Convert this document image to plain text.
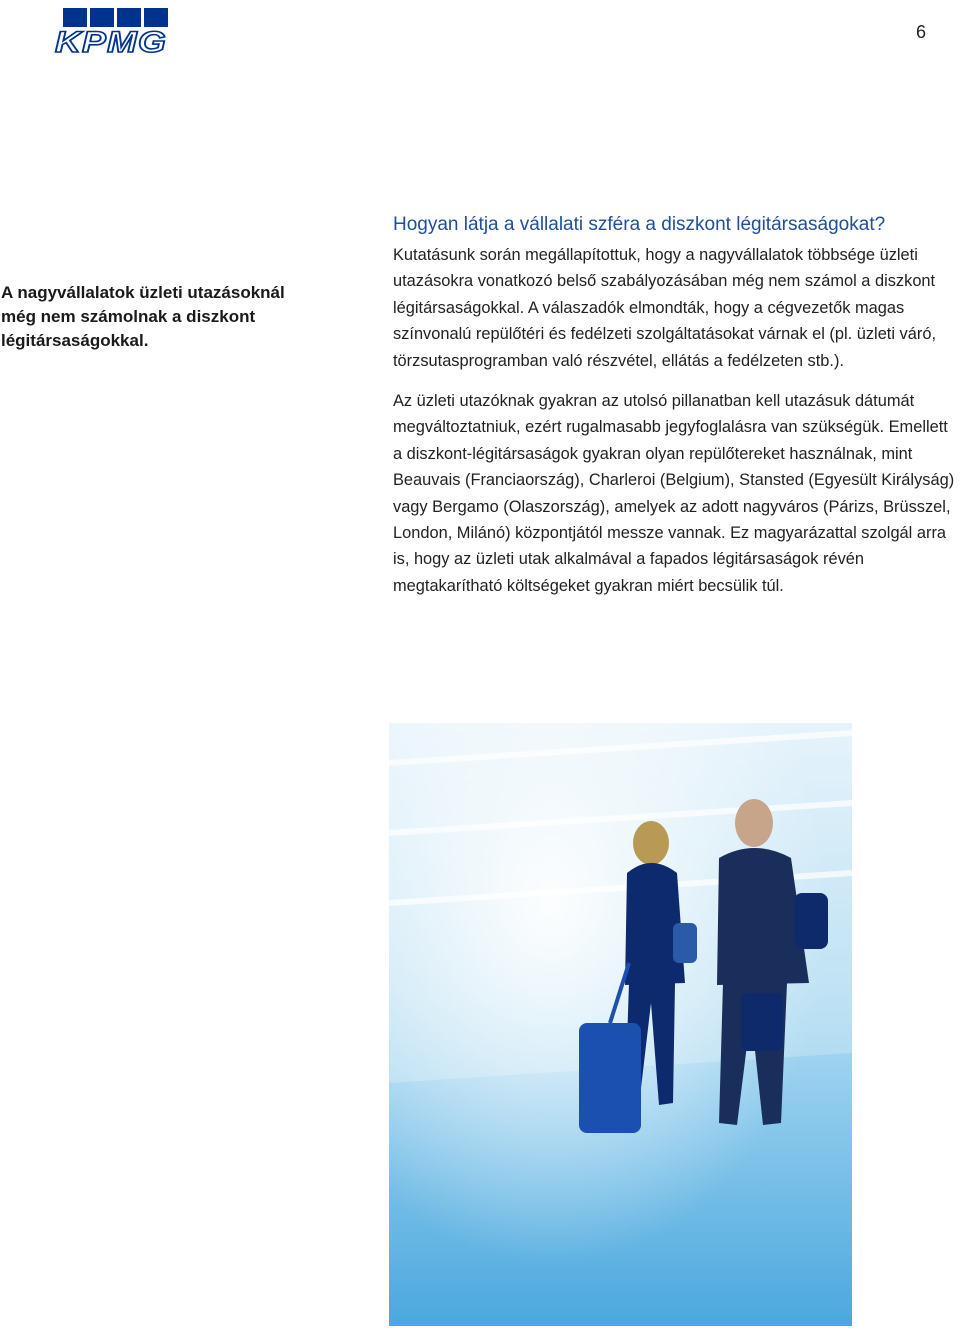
KPMG	6
A nagyvállalatok üzleti utazásoknál még nem számolnak a diszkont légitársaságokkal.
Hogyan látja a vállalati szféra a diszkont légitársaságokat?

Kutatásunk során megállapítottuk, hogy a nagyvállalatok többsége üzleti utazásokra vonatkozó belső szabályozásában még nem számol a diszkont légitársaságokkal. A válaszadók elmondták, hogy a cégvezetők magas színvonalú repülőtéri és fedélzeti szolgáltatásokat várnak el (pl. üzleti váró, törzsutasprogramban való részvétel, ellátás a fedélzeten stb.).

Az üzleti utazóknak gyakran az utolsó pillanatban kell utazásuk dátumát megváltoztatniuk, ezért rugalmasabb jegyfoglalásra van szükségük. Emellett a diszkont-légitársaságok gyakran olyan repülőtereket használnak, mint Beauvais (Franciaország), Charleroi (Belgium), Stansted (Egyesült Királyság) vagy Bergamo (Olaszország), amelyek az adott nagyváros (Párizs, Brüsszel, London, Milánó) központjától messze vannak. Ez magyarázattal szolgál arra is, hogy az üzleti utak alkalmával a fapados légitársaságok révén megtakarítható költségeket gyakran miért becsülik túl.
